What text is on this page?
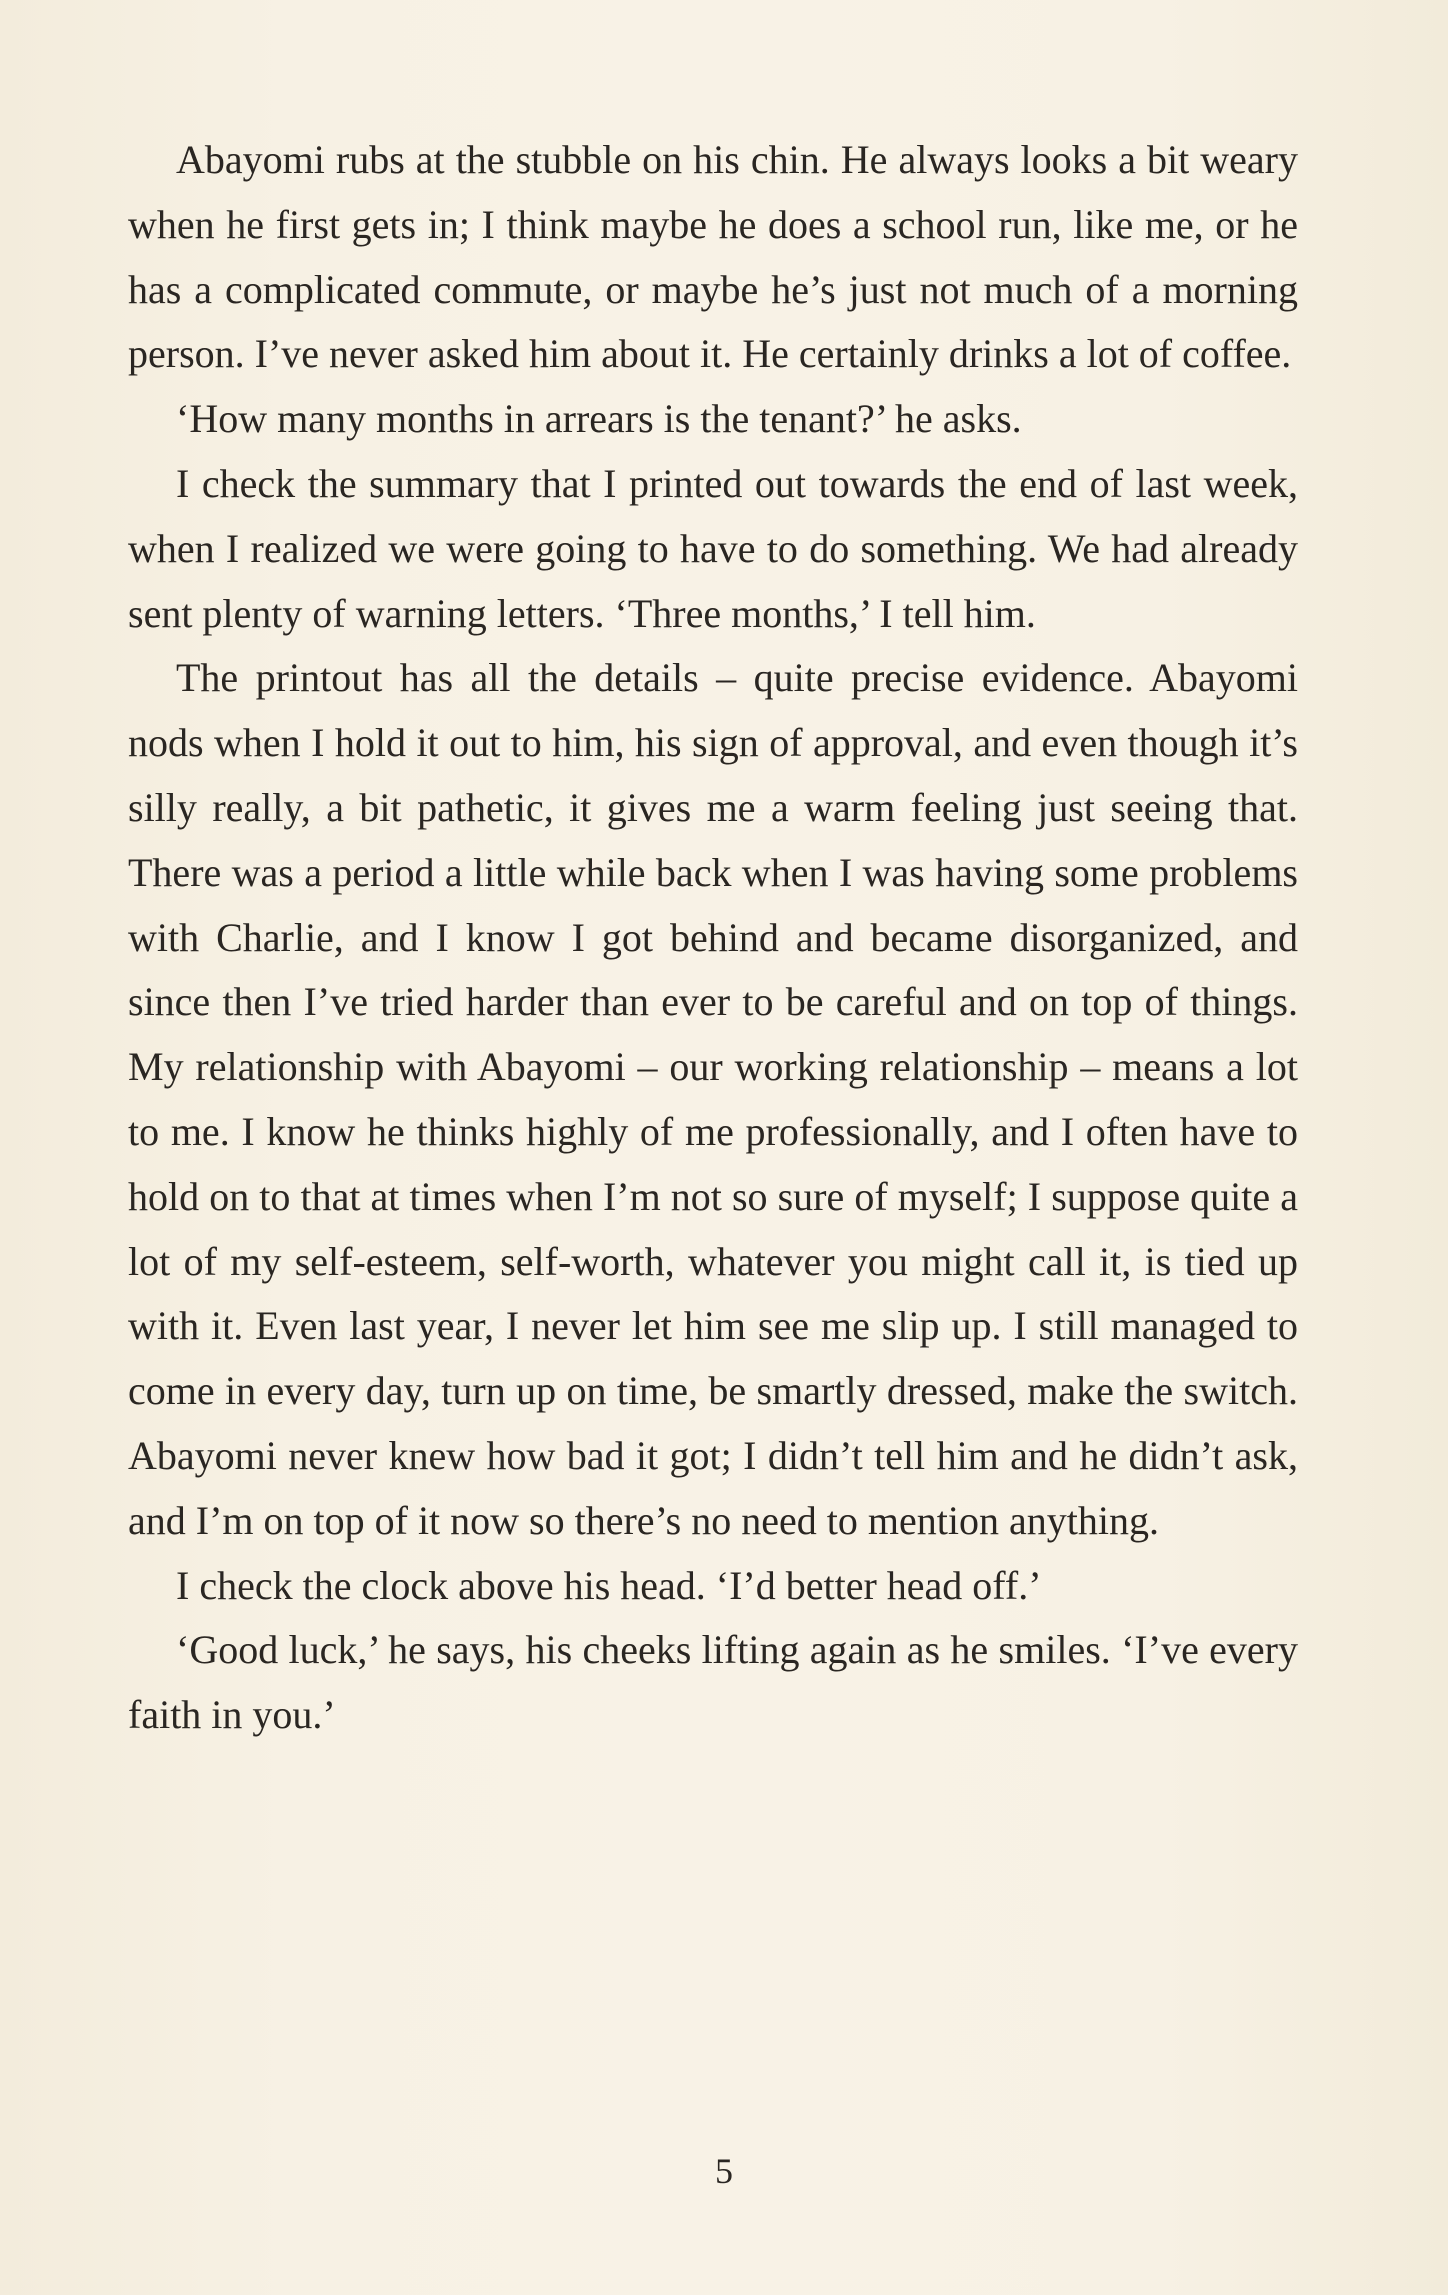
Abayomi rubs at the stubble on his chin. He always looks a bit weary when he first gets in; I think maybe he does a school run, like me, or he has a complicated commute, or maybe he’s just not much of a morning person. I’ve never asked him about it. He certainly drinks a lot of coffee.

‘How many months in arrears is the tenant?’ he asks.

I check the summary that I printed out towards the end of last week, when I realized we were going to have to do something. We had already sent plenty of warning letters. ‘Three months,’ I tell him.

The printout has all the details – quite precise evidence. Abayomi nods when I hold it out to him, his sign of approval, and even though it’s silly really, a bit pathetic, it gives me a warm feeling just seeing that. There was a period a little while back when I was having some problems with Charlie, and I know I got behind and became disorganized, and since then I’ve tried harder than ever to be careful and on top of things. My relationship with Abayomi – our working relationship – means a lot to me. I know he thinks highly of me professionally, and I often have to hold on to that at times when I’m not so sure of myself; I suppose quite a lot of my self-esteem, self-worth, whatever you might call it, is tied up with it. Even last year, I never let him see me slip up. I still managed to come in every day, turn up on time, be smartly dressed, make the switch. Abayomi never knew how bad it got; I didn’t tell him and he didn’t ask, and I’m on top of it now so there’s no need to mention anything.

I check the clock above his head. ‘I’d better head off.’

‘Good luck,’ he says, his cheeks lifting again as he smiles. ‘I’ve every faith in you.’

5
